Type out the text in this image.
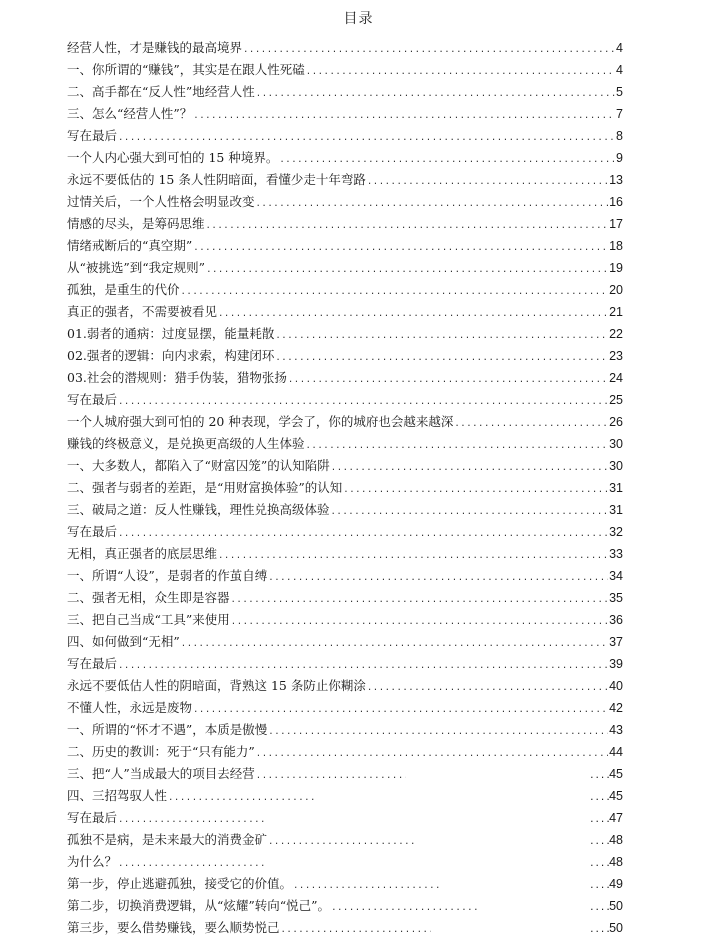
目录
经营人性，才是赚钱的最高境界 .....	4
一、你所谓的“赚钱”，其实是在跟人性死磕 .....	4
二、高手都在“反人性”地经营人性 .....	5
三、怎么“经营人性”？ .....	7
写在最后 .....	8
一个人内心强大到可怕的 15 种境界。 .....	9
永远不要低估的 15 条人性阴暗面，看懂少走十年弯路 .....	13
过情关后，一个人性格会明显改变 .....	16
情感的尽头，是筹码思维 .....	17
情绪戒断后的“真空期” .....	18
从“被挑选”到“我定规则” .....	19
孤独，是重生的代价 .....	20
真正的强者，不需要被看见 .....	21
01.弱者的通病：过度显摆，能量耗散 .....	22
02.强者的逻辑：向内求索，构建闭环 .....	23
03.社会的潜规则：猎手伪装，猎物张扬 .....	24
写在最后 .....	25
一个人城府强大到可怕的 20 种表现，学会了，你的城府也会越来越深 .....	26
赚钱的终极意义，是兑换更高级的人生体验 .....	30
一、大多数人，都陷入了“财富囚笼”的认知陷阱 .....	30
二、强者与弱者的差距，是“用财富换体验”的认知 .....	31
三、破局之道：反人性赚钱，理性兑换高级体验 .....	31
写在最后 .....	32
无相，真正强者的底层思维 .....	33
一、所谓“人设”，是弱者的作茧自缚 .....	34
二、强者无相，众生即是容器 .....	35
三、把自己当成“工具”来使用 .....	36
四、如何做到“无相” .....	37
写在最后 .....	39
永远不要低估人性的阴暗面，背熟这 15 条防止你糊涂 .....	40
不懂人性，永远是废物 .....	42
一、所谓的“怀才不遇”，本质是傲慢 .....	43
二、历史的教训：死于“只有能力” .....	44
三、把“人”当成最大的项目去经营 ..... ........	45
四、三招驾驭人性 ..... ........	45
写在最后 ..... ........	47
孤独不是病，是未来最大的消费金矿 ..... ........	48
为什么？ ..... ........	48
第一步，停止逃避孤独，接受它的价值。 ..... ........	49
第二步，切换消费逻辑，从“炫耀”转向“悦己”。 ..... ........	50
第三步，要么借势赚钱，要么顺势悦己 ..... ........	50
